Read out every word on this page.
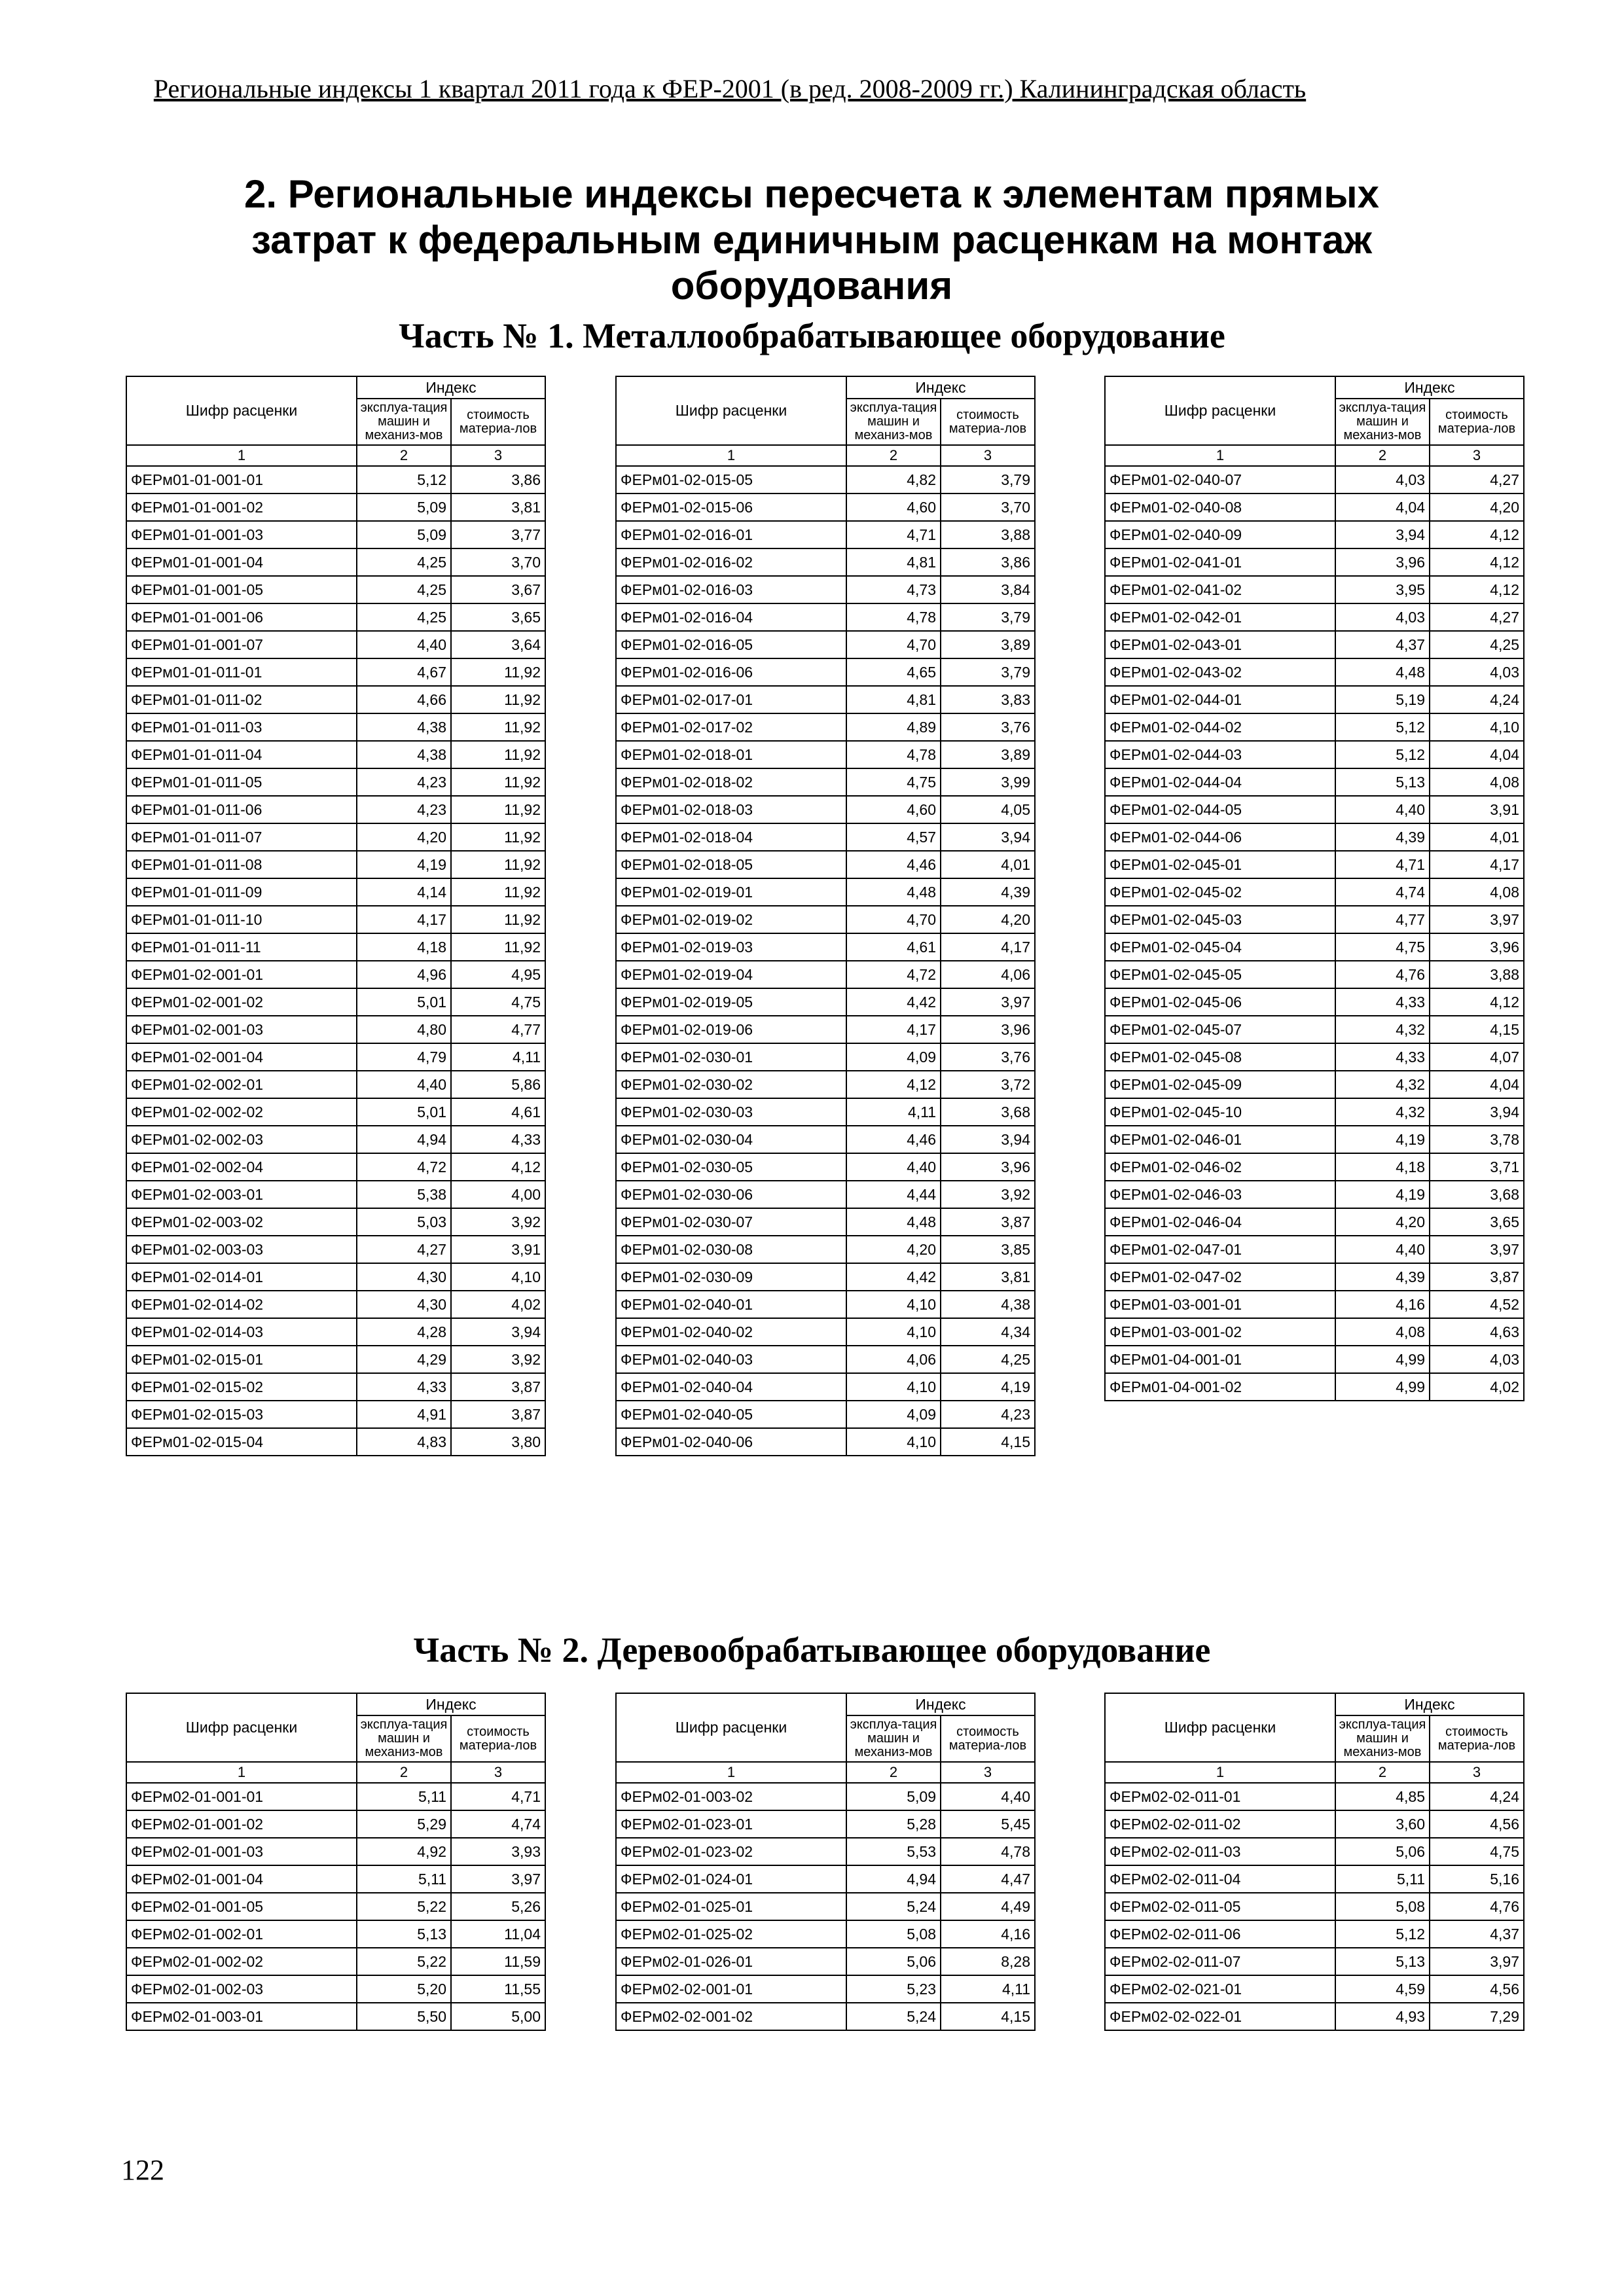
Региональные индексы 1 квартал 2011 года к ФЕР-2001 (в ред. 2008-2009 гг.) Калининградская область
2. Региональные индексы пересчета к элементам прямых затрат к федеральным единичным расценкам на монтаж оборудования
Часть № 1. Металлообрабатывающее оборудование
Часть № 2. Деревообрабатывающее оборудование
Шифр расценки	Индекс	
	эксплуа-тация машин и механиз-мов	стоимость материа-лов
1	2	3
ФЕРм01-01-001-01	5,12	3,86
ФЕРм01-01-001-02	5,09	3,81
ФЕРм01-01-001-03	5,09	3,77
ФЕРм01-01-001-04	4,25	3,70
ФЕРм01-01-001-05	4,25	3,67
ФЕРм01-01-001-06	4,25	3,65
ФЕРм01-01-001-07	4,40	3,64
ФЕРм01-01-011-01	4,67	11,92
ФЕРм01-01-011-02	4,66	11,92
ФЕРм01-01-011-03	4,38	11,92
ФЕРм01-01-011-04	4,38	11,92
ФЕРм01-01-011-05	4,23	11,92
ФЕРм01-01-011-06	4,23	11,92
ФЕРм01-01-011-07	4,20	11,92
ФЕРм01-01-011-08	4,19	11,92
ФЕРм01-01-011-09	4,14	11,92
ФЕРм01-01-011-10	4,17	11,92
ФЕРм01-01-011-11	4,18	11,92
ФЕРм01-02-001-01	4,96	4,95
ФЕРм01-02-001-02	5,01	4,75
ФЕРм01-02-001-03	4,80	4,77
ФЕРм01-02-001-04	4,79	4,11
ФЕРм01-02-002-01	4,40	5,86
ФЕРм01-02-002-02	5,01	4,61
ФЕРм01-02-002-03	4,94	4,33
ФЕРм01-02-002-04	4,72	4,12
ФЕРм01-02-003-01	5,38	4,00
ФЕРм01-02-003-02	5,03	3,92
ФЕРм01-02-003-03	4,27	3,91
ФЕРм01-02-014-01	4,30	4,10
ФЕРм01-02-014-02	4,30	4,02
ФЕРм01-02-014-03	4,28	3,94
ФЕРм01-02-015-01	4,29	3,92
ФЕРм01-02-015-02	4,33	3,87
ФЕРм01-02-015-03	4,91	3,87
ФЕРм01-02-015-04	4,83	3,80
Шифр расценки	Индекс	
	эксплуа-тация машин и механиз-мов	стоимость материа-лов
1	2	3
ФЕРм01-02-015-05	4,82	3,79
ФЕРм01-02-015-06	4,60	3,70
ФЕРм01-02-016-01	4,71	3,88
ФЕРм01-02-016-02	4,81	3,86
ФЕРм01-02-016-03	4,73	3,84
ФЕРм01-02-016-04	4,78	3,79
ФЕРм01-02-016-05	4,70	3,89
ФЕРм01-02-016-06	4,65	3,79
ФЕРм01-02-017-01	4,81	3,83
ФЕРм01-02-017-02	4,89	3,76
ФЕРм01-02-018-01	4,78	3,89
ФЕРм01-02-018-02	4,75	3,99
ФЕРм01-02-018-03	4,60	4,05
ФЕРм01-02-018-04	4,57	3,94
ФЕРм01-02-018-05	4,46	4,01
ФЕРм01-02-019-01	4,48	4,39
ФЕРм01-02-019-02	4,70	4,20
ФЕРм01-02-019-03	4,61	4,17
ФЕРм01-02-019-04	4,72	4,06
ФЕРм01-02-019-05	4,42	3,97
ФЕРм01-02-019-06	4,17	3,96
ФЕРм01-02-030-01	4,09	3,76
ФЕРм01-02-030-02	4,12	3,72
ФЕРм01-02-030-03	4,11	3,68
ФЕРм01-02-030-04	4,46	3,94
ФЕРм01-02-030-05	4,40	3,96
ФЕРм01-02-030-06	4,44	3,92
ФЕРм01-02-030-07	4,48	3,87
ФЕРм01-02-030-08	4,20	3,85
ФЕРм01-02-030-09	4,42	3,81
ФЕРм01-02-040-01	4,10	4,38
ФЕРм01-02-040-02	4,10	4,34
ФЕРм01-02-040-03	4,06	4,25
ФЕРм01-02-040-04	4,10	4,19
ФЕРм01-02-040-05	4,09	4,23
ФЕРм01-02-040-06	4,10	4,15
Шифр расценки	Индекс	
	эксплуа-тация машин и механиз-мов	стоимость материа-лов
1	2	3
ФЕРм01-02-040-07	4,03	4,27
ФЕРм01-02-040-08	4,04	4,20
ФЕРм01-02-040-09	3,94	4,12
ФЕРм01-02-041-01	3,96	4,12
ФЕРм01-02-041-02	3,95	4,12
ФЕРм01-02-042-01	4,03	4,27
ФЕРм01-02-043-01	4,37	4,25
ФЕРм01-02-043-02	4,48	4,03
ФЕРм01-02-044-01	5,19	4,24
ФЕРм01-02-044-02	5,12	4,10
ФЕРм01-02-044-03	5,12	4,04
ФЕРм01-02-044-04	5,13	4,08
ФЕРм01-02-044-05	4,40	3,91
ФЕРм01-02-044-06	4,39	4,01
ФЕРм01-02-045-01	4,71	4,17
ФЕРм01-02-045-02	4,74	4,08
ФЕРм01-02-045-03	4,77	3,97
ФЕРм01-02-045-04	4,75	3,96
ФЕРм01-02-045-05	4,76	3,88
ФЕРм01-02-045-06	4,33	4,12
ФЕРм01-02-045-07	4,32	4,15
ФЕРм01-02-045-08	4,33	4,07
ФЕРм01-02-045-09	4,32	4,04
ФЕРм01-02-045-10	4,32	3,94
ФЕРм01-02-046-01	4,19	3,78
ФЕРм01-02-046-02	4,18	3,71
ФЕРм01-02-046-03	4,19	3,68
ФЕРм01-02-046-04	4,20	3,65
ФЕРм01-02-047-01	4,40	3,97
ФЕРм01-02-047-02	4,39	3,87
ФЕРм01-03-001-01	4,16	4,52
ФЕРм01-03-001-02	4,08	4,63
ФЕРм01-04-001-01	4,99	4,03
ФЕРм01-04-001-02	4,99	4,02
Шифр расценки	Индекс	
	эксплуа-тация машин и механиз-мов	стоимость материа-лов
1	2	3
ФЕРм02-01-001-01	5,11	4,71
ФЕРм02-01-001-02	5,29	4,74
ФЕРм02-01-001-03	4,92	3,93
ФЕРм02-01-001-04	5,11	3,97
ФЕРм02-01-001-05	5,22	5,26
ФЕРм02-01-002-01	5,13	11,04
ФЕРм02-01-002-02	5,22	11,59
ФЕРм02-01-002-03	5,20	11,55
ФЕРм02-01-003-01	5,50	5,00
Шифр расценки	Индекс	
	эксплуа-тация машин и механиз-мов	стоимость материа-лов
1	2	3
ФЕРм02-01-003-02	5,09	4,40
ФЕРм02-01-023-01	5,28	5,45
ФЕРм02-01-023-02	5,53	4,78
ФЕРм02-01-024-01	4,94	4,47
ФЕРм02-01-025-01	5,24	4,49
ФЕРм02-01-025-02	5,08	4,16
ФЕРм02-01-026-01	5,06	8,28
ФЕРм02-02-001-01	5,23	4,11
ФЕРм02-02-001-02	5,24	4,15
Шифр расценки	Индекс	
	эксплуа-тация машин и механиз-мов	стоимость материа-лов
1	2	3
ФЕРм02-02-011-01	4,85	4,24
ФЕРм02-02-011-02	3,60	4,56
ФЕРм02-02-011-03	5,06	4,75
ФЕРм02-02-011-04	5,11	5,16
ФЕРм02-02-011-05	5,08	4,76
ФЕРм02-02-011-06	5,12	4,37
ФЕРм02-02-011-07	5,13	3,97
ФЕРм02-02-021-01	4,59	4,56
ФЕРм02-02-022-01	4,93	7,29
122
